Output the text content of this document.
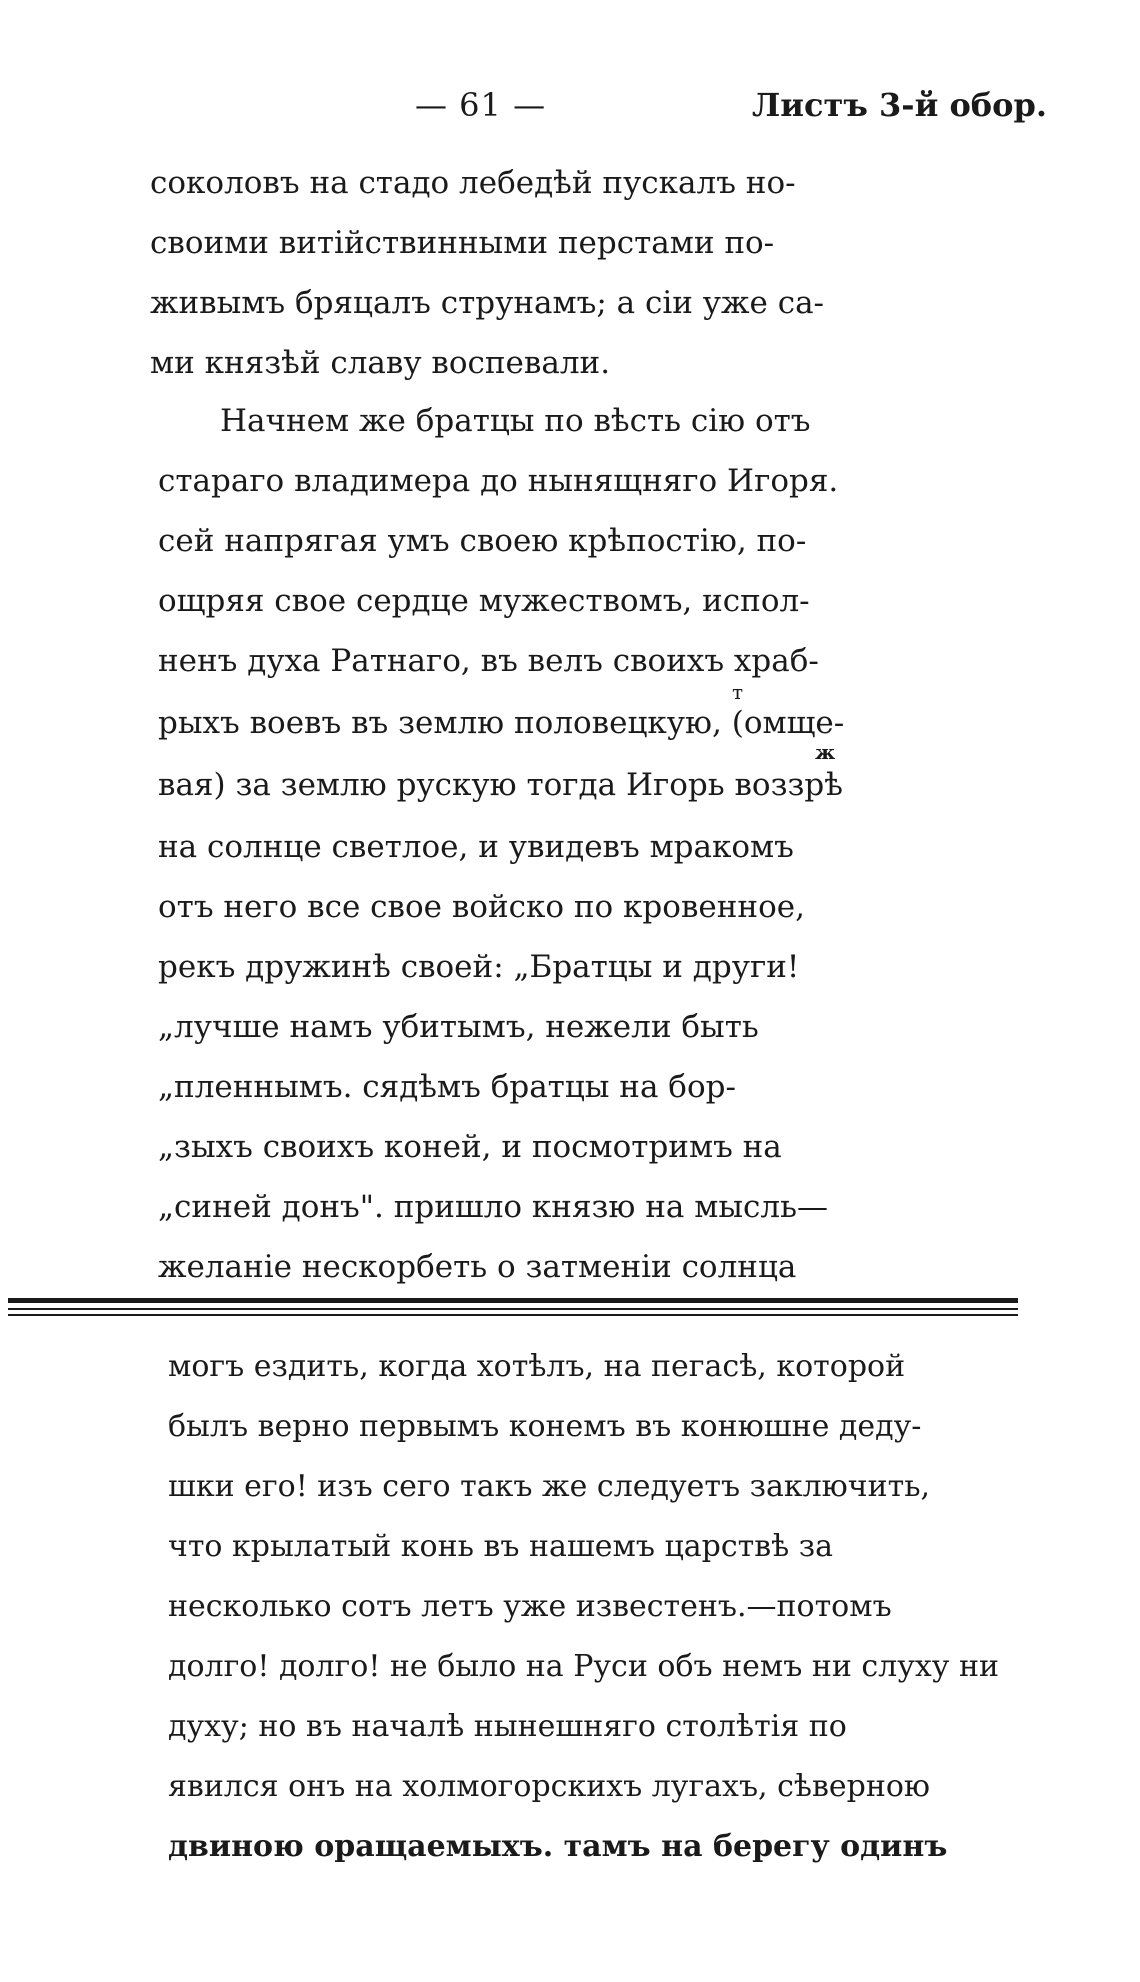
— 61 —	Листъ 3-й обор.
соколовъ на стадо лебедѣй пускалъ но-
своими витійствинными перстами по-
живымъ бряцалъ струнамъ; а сіи уже са-
ми князѣй славу воспевали.
Начнем же братцы по вѣсть сію отъ
стараго владимера до нынящняго Игоря.
сей напрягая умъ своею крѣпостію, по-
ощряя свое сердце мужествомъ, испол-
ненъ духа Ратнаго, въ велъ своихъ храб-
т
рыхъ воевъ въ землю половецкую, (омще-
ж
вая) за землю рускую тогда Игорь воззрѣ
на солнце светлое, и увидевъ мракомъ
отъ него все свое войско по кровенное,
рекъ дружинѣ своей: „Братцы и други!
„лучше намъ убитымъ, нежели быть
„пленнымъ. сядѣмъ братцы на бор-
„зыхъ своихъ коней, и посмотримъ на
„синей донъ". пришло князю на мысль—
желаніе нескорбеть о затменіи солнца
могъ ездить, когда хотѣлъ, на пегасѣ, которой
былъ верно первымъ конемъ въ конюшне деду-
шки его! изъ сего такъ же следуетъ заключить,
что крылатый конь въ нашемъ царствѣ за
несколько сотъ летъ уже известенъ.—потомъ
долго! долго! не было на Руси объ немъ ни слуху ни
духу; но въ началѣ нынешняго столѣтія по
явился онъ на холмогорскихъ лугахъ, сѣверною
двиною оращаемыхъ. тамъ на берегу одинъ
